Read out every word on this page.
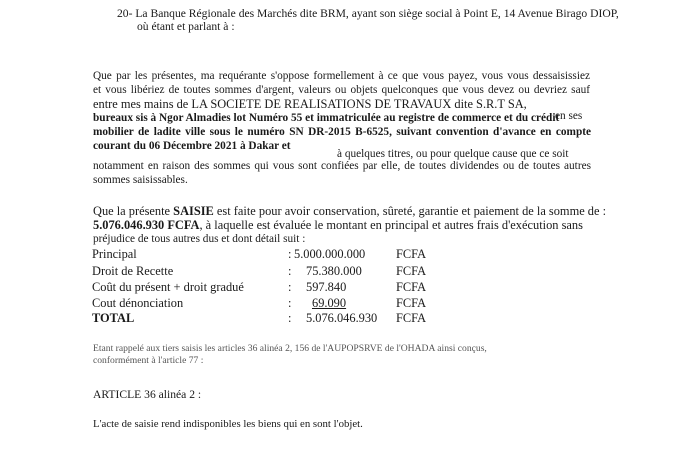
20- La Banque Régionale des Marchés dite BRM, ayant son siège social à Point E, 14 Avenue Birago DIOP,
où étant et parlant à :
Que par les présentes, ma requérante s'oppose formellement à ce que vous payez, vous vous dessaisissiez
et vous libériez de toutes sommes d'argent, valeurs ou objets quelconques que vous devez ou devriez sauf
entre mes mains de LA SOCIETE DE REALISATIONS DE TRAVAUX dite S.R.T SA,
en ses
bureaux sis à Ngor Almadies lot Numéro 55 et immatriculée au registre de commerce et du crédit
mobilier de ladite ville sous le numéro SN DR-2015 B-6525, suivant convention d'avance en compte
courant du 06 Décembre 2021 à Dakar et
à quelques titres, ou pour quelque cause que ce soit
notamment en raison des sommes qui vous sont confiées par elle, de toutes dividendes ou de toutes autres
sommes saisissables.
Que la présente SAISIE est faite pour avoir conservation, sûreté, garantie et paiement de la somme de :
5.076.046.930 FCFA, à laquelle est évaluée le montant en principal et autres frais d'exécution sans
préjudice de tous autres dus et dont détail suit :
Principal	: 5.000.000.000	FCFA
Droit de Recette	: 75.380.000	FCFA
Coût du présent + droit gradué	: 597.840	FCFA
Cout dénonciation	: 69.090	FCFA
TOTAL	: 5.076.046.930	FCFA
Etant rappelé aux tiers saisis les articles 36 alinéa 2, 156 de l'AUPOPSRVE de l'OHADA ainsi conçus,
conformément à l'article 77 :
ARTICLE 36 alinéa 2 :
L'acte de saisie rend indisponibles les biens qui en sont l'objet.
